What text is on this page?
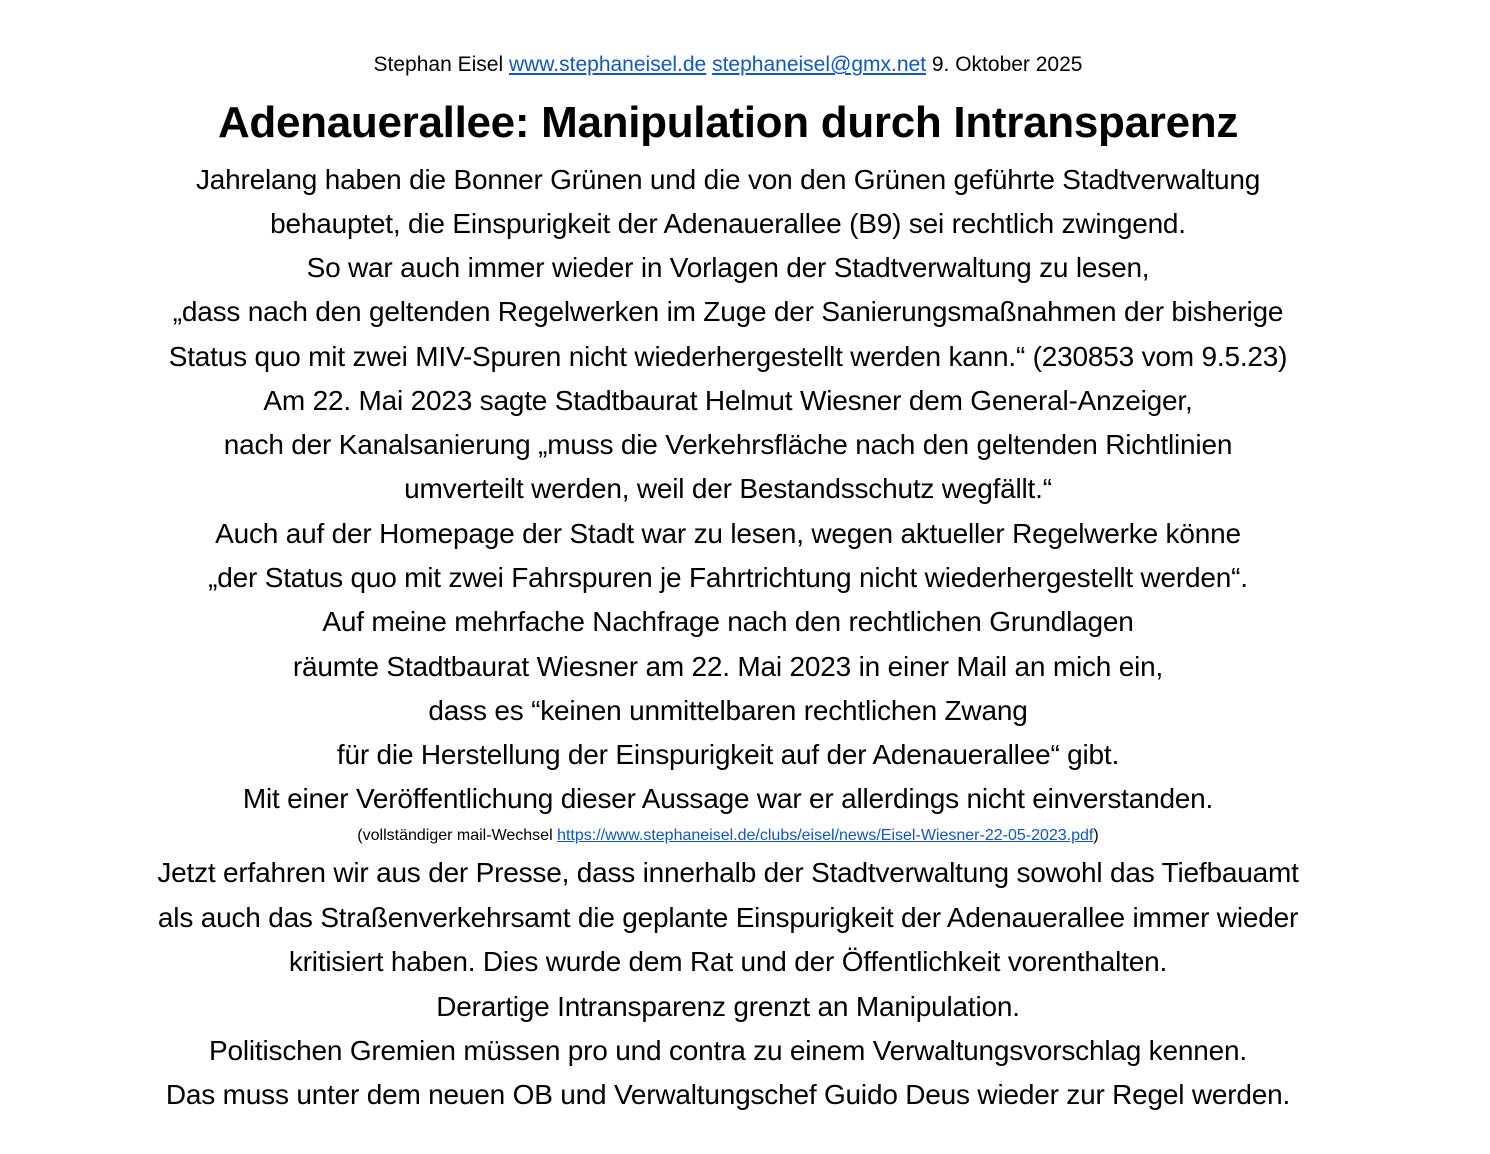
Stephan Eisel www.stephaneisel.de stephaneisel@gmx.net 9. Oktober 2025
Adenauerallee: Manipulation durch Intransparenz
Jahrelang haben die Bonner Grünen und die von den Grünen geführte Stadtverwaltung
behauptet, die Einspurigkeit der Adenauerallee (B9) sei rechtlich zwingend.
So war auch immer wieder in Vorlagen der Stadtverwaltung zu lesen,
„dass nach den geltenden Regelwerken im Zuge der Sanierungsmaßnahmen der bisherige
Status quo mit zwei MIV-Spuren nicht wiederhergestellt werden kann.“ (230853 vom 9.5.23)
Am 22. Mai 2023 sagte Stadtbaurat Helmut Wiesner dem General-Anzeiger,
nach der Kanalsanierung „muss die Verkehrsfläche nach den geltenden Richtlinien
umverteilt werden, weil der Bestandsschutz wegfällt.“
Auch auf der Homepage der Stadt war zu lesen, wegen aktueller Regelwerke könne
„der Status quo mit zwei Fahrspuren je Fahrtrichtung nicht wiederhergestellt werden“.
Auf meine mehrfache Nachfrage nach den rechtlichen Grundlagen
räumte Stadtbaurat Wiesner am 22. Mai 2023 in einer Mail an mich ein,
dass es “keinen unmittelbaren rechtlichen Zwang
für die Herstellung der Einspurigkeit auf der Adenauerallee“ gibt.
Mit einer Veröffentlichung dieser Aussage war er allerdings nicht einverstanden.
(vollständiger mail-Wechsel https://www.stephaneisel.de/clubs/eisel/news/Eisel-Wiesner-22-05-2023.pdf)
Jetzt erfahren wir aus der Presse, dass innerhalb der Stadtverwaltung sowohl das Tiefbauamt
als auch das Straßenverkehrsamt die geplante Einspurigkeit der Adenauerallee immer wieder
kritisiert haben. Dies wurde dem Rat und der Öffentlichkeit vorenthalten.
Derartige Intransparenz grenzt an Manipulation.
Politischen Gremien müssen pro und contra zu einem Verwaltungsvorschlag kennen.
Das muss unter dem neuen OB und Verwaltungschef Guido Deus wieder zur Regel werden.
